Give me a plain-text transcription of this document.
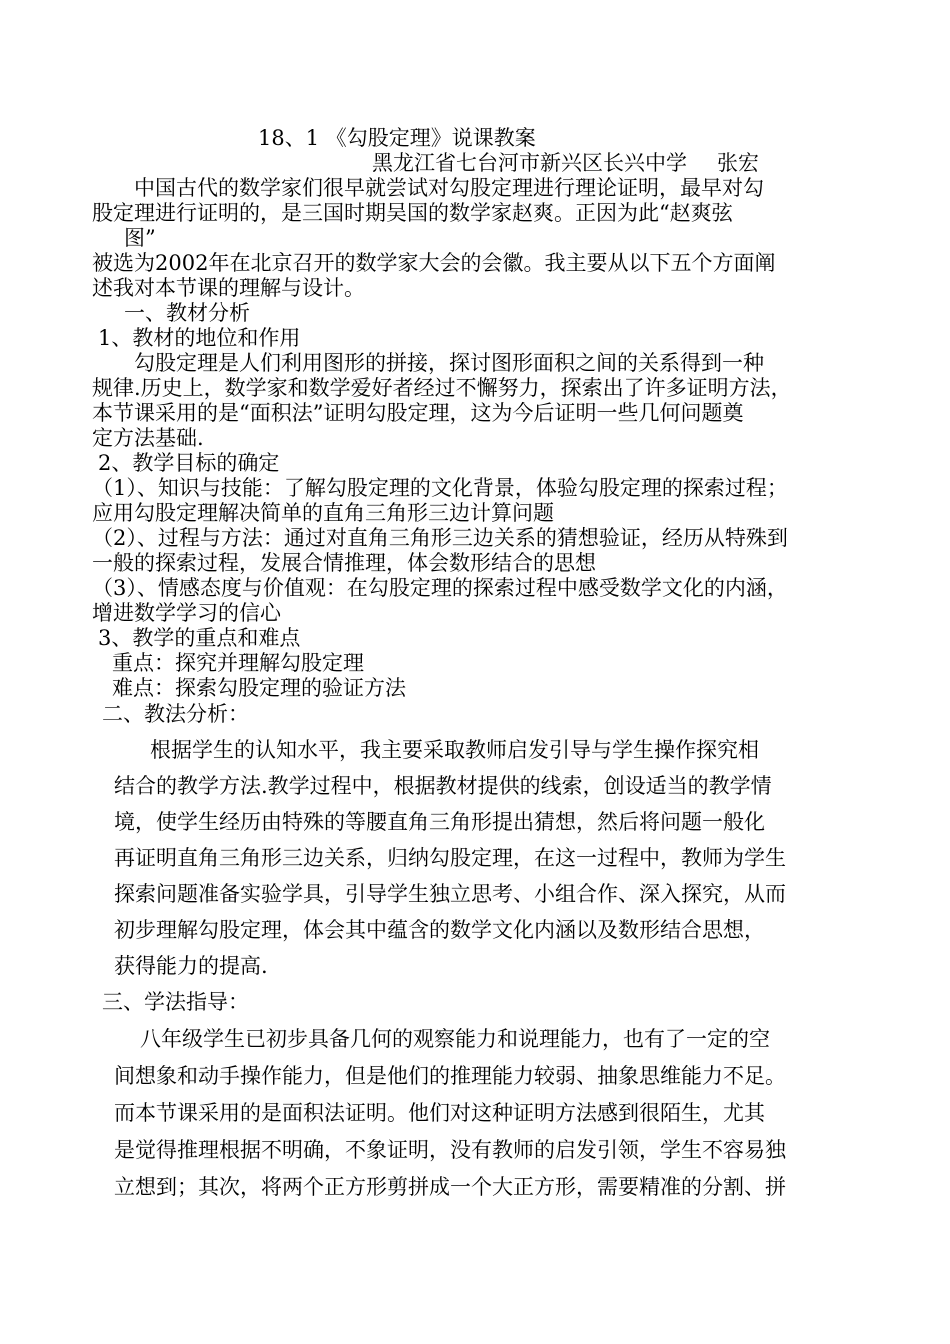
18、1 《勾股定理》说课教案
黑龙江省七台河市新兴区长兴中学 张宏
中国古代的数学家们很早就尝试对勾股定理进行理论证明，最早对勾
股定理进行证明的，是三国时期吴国的数学家赵爽。正因为此“赵爽弦
图”
被选为2002年在北京召开的数学家大会的会徽。我主要从以下五个方面阐
述我对本节课的理解与设计。
一、教材分析
1、教材的地位和作用
勾股定理是人们利用图形的拼接，探讨图形面积之间的关系得到一种
规律.历史上，数学家和数学爱好者经过不懈努力，探索出了许多证明方法，
本节课采用的是“面积法”证明勾股定理，这为今后证明一些几何问题奠
定方法基础.
2、教学目标的确定
（1）、知识与技能：了解勾股定理的文化背景，体验勾股定理的探索过程；
应用勾股定理解决简单的直角三角形三边计算问题
（2）、过程与方法：通过对直角三角形三边关系的猜想验证，经历从特殊到
一般的探索过程，发展合情推理，体会数形结合的思想
（3）、情感态度与价值观：在勾股定理的探索过程中感受数学文化的内涵，
增进数学学习的信心
3、教学的重点和难点
重点：探究并理解勾股定理
难点：探索勾股定理的验证方法
二、教法分析：
根据学生的认知水平，我主要采取教师启发引导与学生操作探究相
结合的教学方法.教学过程中，根据教材提供的线索，创设适当的教学情
境，使学生经历由特殊的等腰直角三角形提出猜想，然后将问题一般化
再证明直角三角形三边关系，归纳勾股定理，在这一过程中，教师为学生
探索问题准备实验学具，引导学生独立思考、小组合作、深入探究，从而
初步理解勾股定理，体会其中蕴含的数学文化内涵以及数形结合思想，
获得能力的提高.
三、学法指导：
八年级学生已初步具备几何的观察能力和说理能力，也有了一定的空
间想象和动手操作能力，但是他们的推理能力较弱、抽象思维能力不足。
而本节课采用的是面积法证明。他们对这种证明方法感到很陌生，尤其
是觉得推理根据不明确，不象证明，没有教师的启发引领，学生不容易独
立想到；其次，将两个正方形剪拼成一个大正方形，需要精准的分割、拼
